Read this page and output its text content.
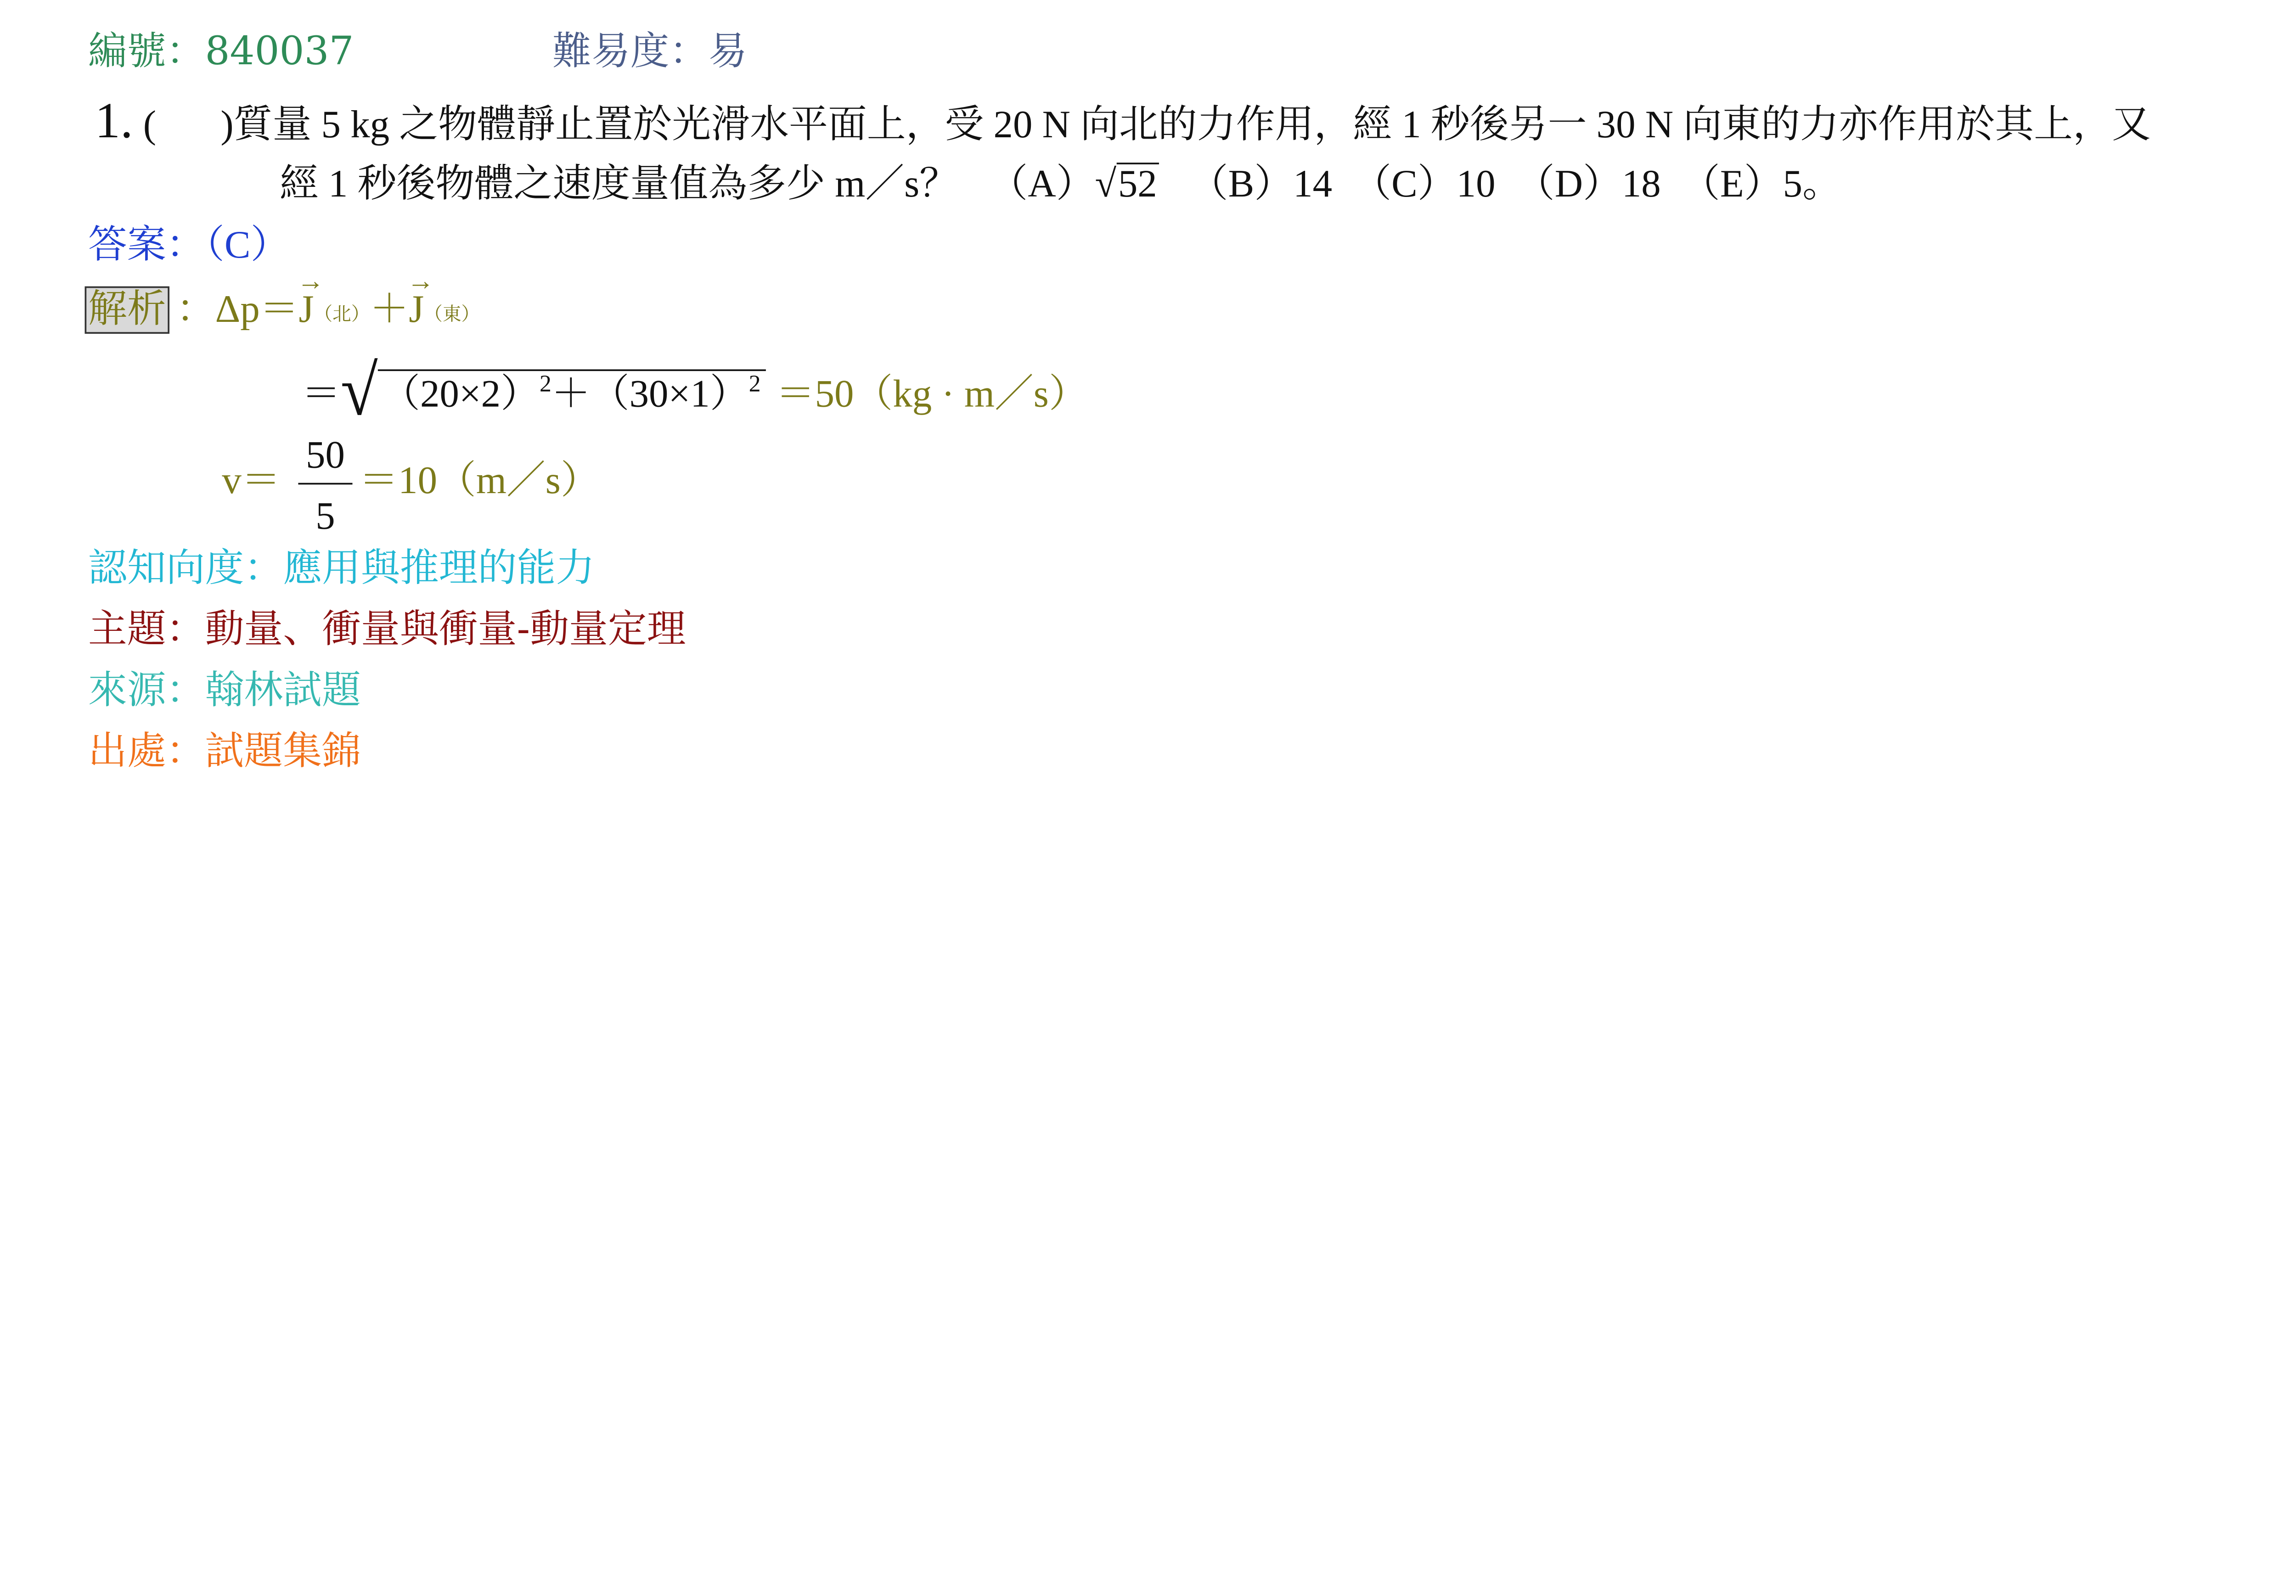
編號：840037	難易度：易
1. (	)質量 5 kg 之物體靜止置於光滑水平面上，受 20 N 向北的力作用，經 1 秒後另一 30 N 向東的力亦作用於其上，又
經 1 秒後物體之速度量值為多少 m／s？	（A）√ 52	（B）14 （C）10 （D）18 （E）5。
答案：（C）
解析 ：Δp＝
→
J（北）＋
→
J（東）
＝√ $(20\times 2)^2+(30\times 1)^2 =50(kg$ · m／s）
v＝
50
5
＝10（m／s）
認知向度：應用與推理的能力
主題：動量、衝量與衝量-動量定理
來源：翰林試題
出處：試題集錦
